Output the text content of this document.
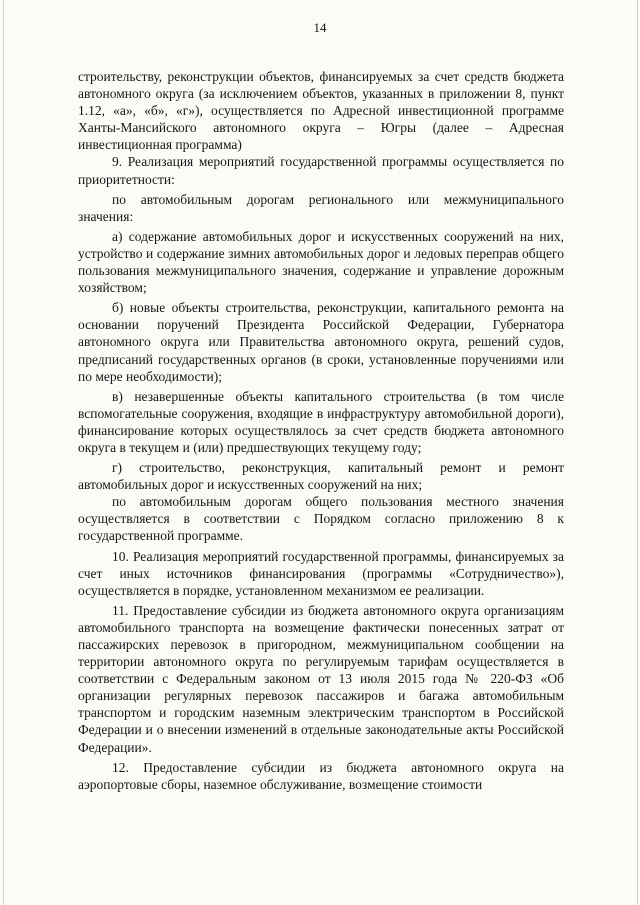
14

строительству, реконструкции объектов, финансируемых за счет средств бюджета автономного округа (за исключением объектов, указанных в приложении 8, пункт 1.12, «а», «б», «г»), осуществляется по Адресной инвестиционной программе Ханты-Мансийского автономного округа – Югры (далее – Адресная инвестиционная программа)

9. Реализация мероприятий государственной программы осуществляется по приоритетности:

по автомобильным дорогам регионального или межмуниципального значения:

а) содержание автомобильных дорог и искусственных сооружений на них, устройство и содержание зимних автомобильных дорог и ледовых переправ общего пользования межмуниципального значения, содержание и управление дорожным хозяйством;

б) новые объекты строительства, реконструкции, капитального ремонта на основании поручений Президента Российской Федерации, Губернатора автономного округа или Правительства автономного округа, решений судов, предписаний государственных органов (в сроки, установленные поручениями или по мере необходимости);

в) незавершенные объекты капитального строительства (в том числе вспомогательные сооружения, входящие в инфраструктуру автомобильной дороги), финансирование которых осуществлялось за счет средств бюджета автономного округа в текущем и (или) предшествующих текущему году;

г) строительство, реконструкция, капитальный ремонт и ремонт автомобильных дорог и искусственных сооружений на них;

по автомобильным дорогам общего пользования местного значения осуществляется в соответствии с Порядком согласно приложению 8 к государственной программе.

10. Реализация мероприятий государственной программы, финансируемых за счет иных источников финансирования (программы «Сотрудничество»), осуществляется в порядке, установленном механизмом ее реализации.

11. Предоставление субсидии из бюджета автономного округа организациям автомобильного транспорта на возмещение фактически понесенных затрат от пассажирских перевозок в пригородном, межмуниципальном сообщении на территории автономного округа по регулируемым тарифам осуществляется в соответствии с Федеральным законом от 13 июля 2015 года № 220-ФЗ «Об организации регулярных перевозок пассажиров и багажа автомобильным транспортом и городским наземным электрическим транспортом в Российской Федерации и о внесении изменений в отдельные законодательные акты Российской Федерации».

12. Предоставление субсидии из бюджета автономного округа на аэропортовые сборы, наземное обслуживание, возмещение стоимости
